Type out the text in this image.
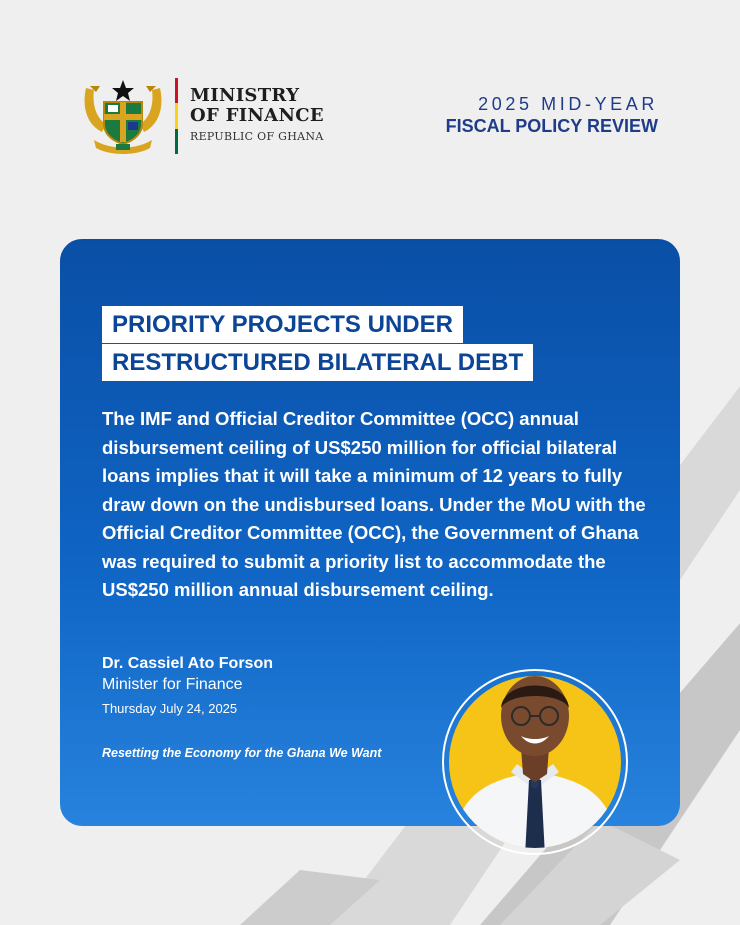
MINISTRY
OF FINANCE
REPUBLIC OF GHANA
2025 MID-YEAR
FISCAL POLICY REVIEW
PRIORITY PROJECTS UNDER
RESTRUCTURED BILATERAL DEBT
The IMF and Official Creditor Committee (OCC) annual disbursement ceiling of US$250 million for official bilateral loans implies that it will take a minimum of 12 years to fully draw down on the undisbursed loans. Under the MoU with the Official Creditor Committee (OCC), the Government of Ghana was required to submit a priority list to accommodate the US$250 million annual disbursement ceiling.
Dr. Cassiel Ato Forson
Minister for Finance
Thursday July 24, 2025
Resetting the Economy for the Ghana We Want
